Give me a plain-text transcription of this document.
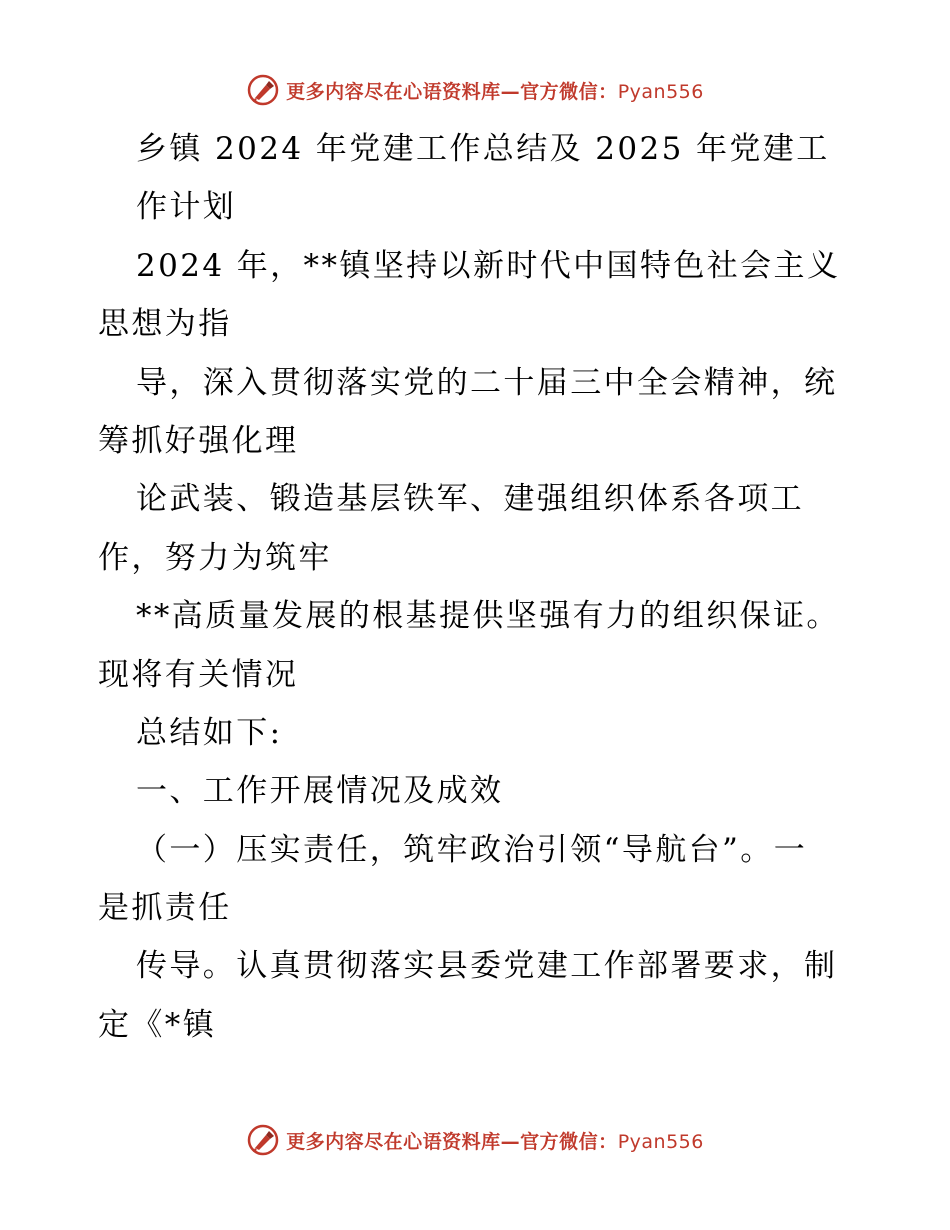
更多内容尽在心语资料库—官方微信：Pyan556
乡镇 2024 年党建工作总结及 2025 年党建工
作计划
2024 年，**镇坚持以新时代中国特色社会主义
思想为指
导，深入贯彻落实党的二十届三中全会精神，统
筹抓好强化理
论武装、锻造基层铁军、建强组织体系各项工
作，努力为筑牢
**高质量发展的根基提供坚强有力的组织保证。
现将有关情况
总结如下:
一、工作开展情况及成效
（一）压实责任，筑牢政治引领“导航台”。一
是抓责任
传导。认真贯彻落实县委党建工作部署要求，制
定《*镇
更多内容尽在心语资料库—官方微信：Pyan556
